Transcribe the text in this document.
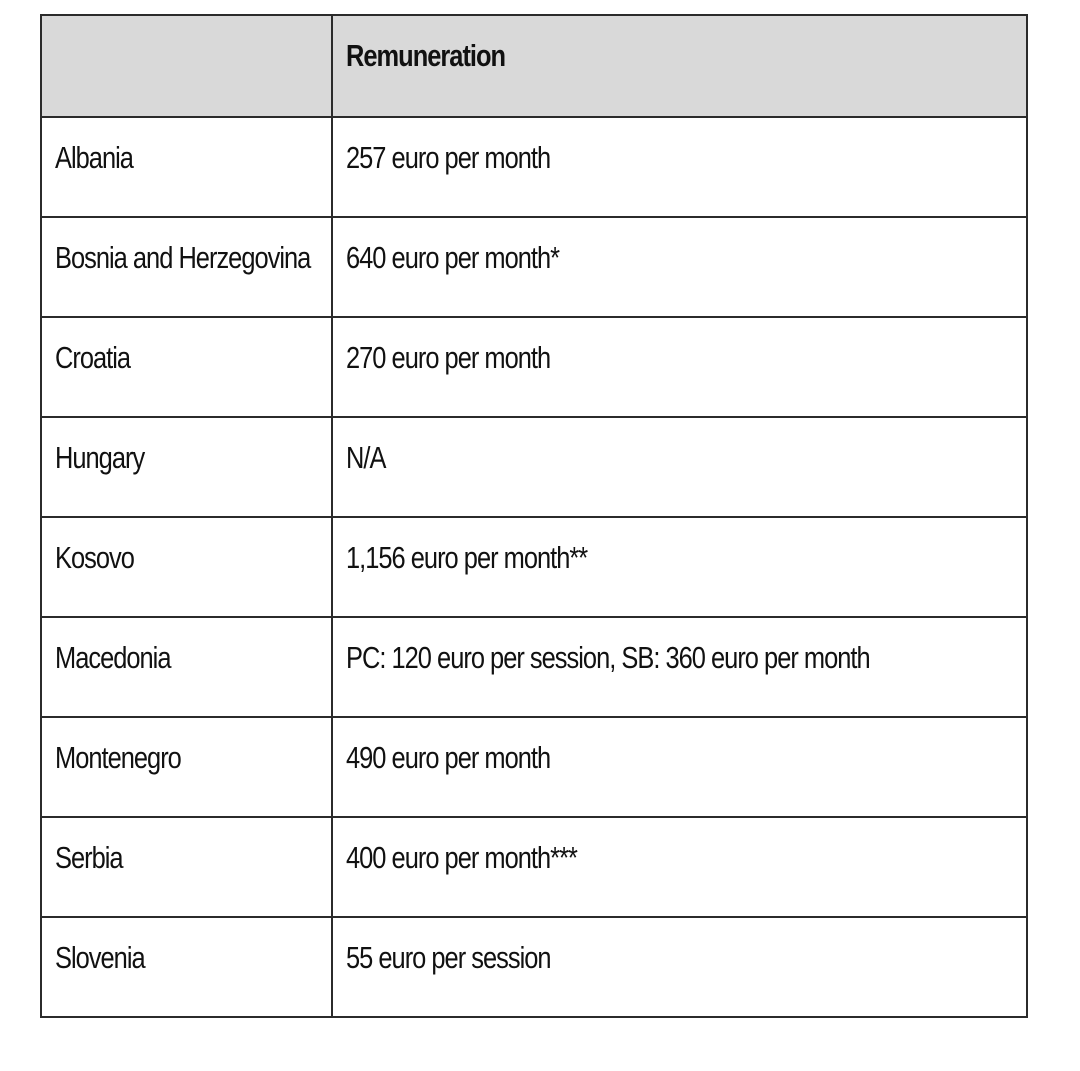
	Remuneration
Albania	257 euro per month
Bosnia and Herzegovina	640 euro per month*
Croatia	270 euro per month
Hungary	N/A
Kosovo	1,156 euro per month**
Macedonia	PC: 120 euro per session, SB: 360 euro per month
Montenegro	490 euro per month
Serbia	400 euro per month***
Slovenia	55 euro per session
